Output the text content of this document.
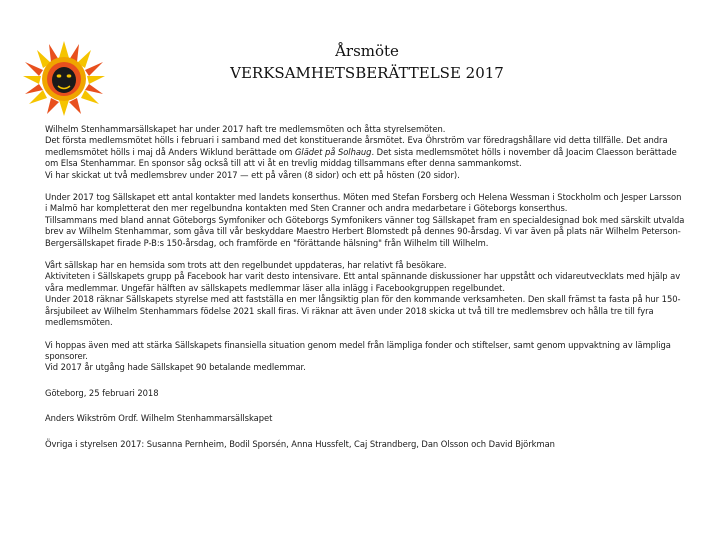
Årsmöte
VERKSAMHETSBERÄTTELSE 2017

Wilhelm Stenhammarsällskapet har under 2017 haft tre medlemsmöten och åtta styrelsemöten.

Det första medlemsmötet hölls i februari i samband med det konstituerande årsmötet. Eva Öhrström var föredragshållare vid detta tillfälle. Det andra medlemsmötet hölls i maj då Anders Wiklund berättade om Glädet på Solhaug. Det sista medlemsmötet hölls i november då Joacim Claesson berättade om Elsa Stenhammar. En sponsor såg också till att vi åt en trevlig middag tillsammans efter denna sammankomst.

Vi har skickat ut två medlemsbrev under 2017 — ett på våren (8 sidor) och ett på hösten (20 sidor).

Under 2017 tog Sällskapet ett antal kontakter med landets konserthus. Möten med Stefan Forsberg och Helena Wessman i Stockholm och Jesper Larsson i Malmö har kompletterat den mer regelbundna kontakten med Sten Cranner och andra medarbetare i Göteborgs konserthus.

Tillsammans med bland annat Göteborgs Symfoniker och Göteborgs Symfonikers vänner tog Sällskapet fram en specialdesignad bok med särskilt utvalda brev av Wilhelm Stenhammar, som gåva till vår beskyddare Maestro Herbert Blomstedt på dennes 90-årsdag. Vi var även på plats när Wilhelm Peterson-Bergersällskapet firade P-B:s 150-årsdag, och framförde en "förättande hälsning" från Wilhelm till Wilhelm.

Vårt sällskap har en hemsida som trots att den regelbundet uppdateras, har relativt få besökare.

Aktiviteten i Sällskapets grupp på Facebook har varit desto intensivare. Ett antal spännande diskussioner har uppstått och vidareutvecklats med hjälp av våra medlemmar. Ungefär hälften av sällskapets medlemmar läser alla inlägg i Facebookgruppen regelbundet.

Under 2018 räknar Sällskapets styrelse med att fastställa en mer långsiktig plan för den kommande verksamheten. Den skall främst ta fasta på hur 150-årsjubileet av Wilhelm Stenhammars födelse 2021 skall firas. Vi räknar att även under 2018 skicka ut två till tre medlemsbrev och hålla tre till fyra medlemsmöten.

Vi hoppas även med att stärka Sällskapets finansiella situation genom medel från lämpliga fonder och stiftelser, samt genom uppvaktning av lämpliga sponsorer.

Vid 2017 år utgång hade Sällskapet 90 betalande medlemmar.

Göteborg, 25 februari 2018

Anders Wikström Ordf. Wilhelm Stenhammarsällskapet

Övriga i styrelsen 2017: Susanna Pernheim, Bodil Sporsén, Anna Hussfelt, Caj Strandberg, Dan Olsson och David Björkman
